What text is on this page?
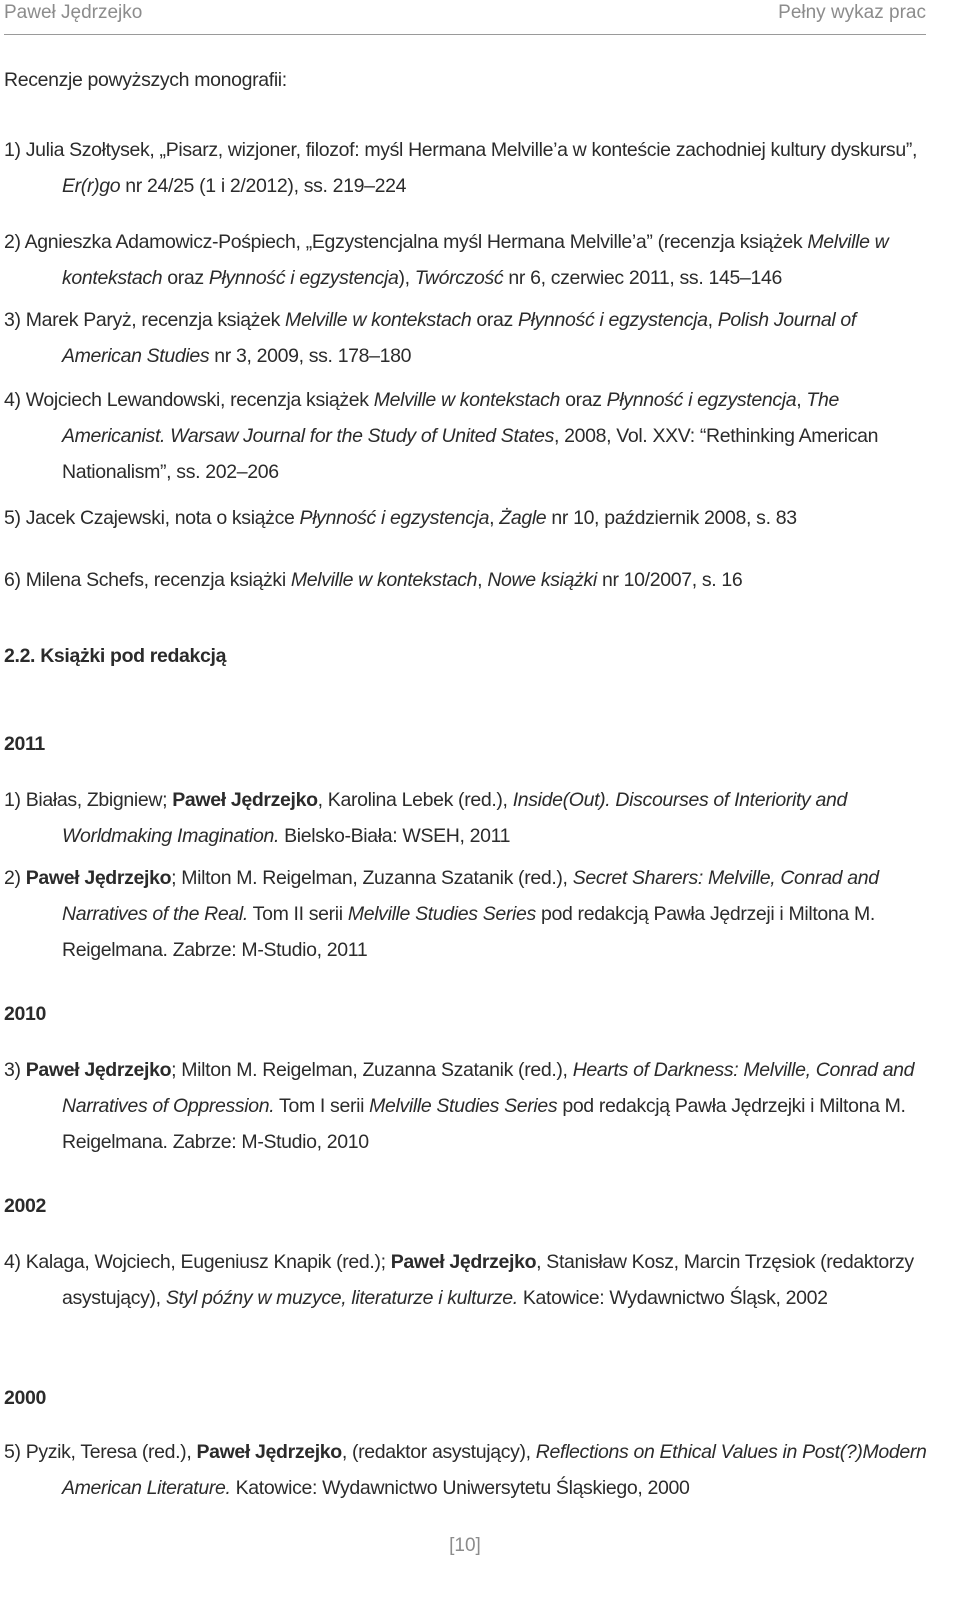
Paweł Jędrzejko	Pełny wykaz prac

Recenzje powyższych monografii:

1) Julia Szołtysek, „Pisarz, wizjoner, filozof: myśl Hermana Melville’a w konteście zachodniej kultury dyskursu”, Er(r)go nr 24/25 (1 i 2/2012), ss. 219–224

2) Agnieszka Adamowicz-Pośpiech, „Egzystencjalna myśl Hermana Melville’a” (recenzja książek Melville w kontekstach oraz Płynność i egzystencja), Twórczość nr 6, czerwiec 2011, ss. 145–146

3) Marek Paryż, recenzja książek Melville w kontekstach oraz Płynność i egzystencja, Polish Journal of American Studies nr 3, 2009, ss. 178–180

4) Wojciech Lewandowski, recenzja książek Melville w kontekstach oraz Płynność i egzystencja, The Americanist. Warsaw Journal for the Study of United States, 2008, Vol. XXV: “Rethinking American Nationalism”, ss. 202–206

5) Jacek Czajewski, nota o książce Płynność i egzystencja, Żagle nr 10, październik 2008, s. 83

6) Milena Schefs, recenzja książki Melville w kontekstach, Nowe książki nr 10/2007, s. 16

2.2. Książki pod redakcją

2011

1) Białas, Zbigniew; Paweł Jędrzejko, Karolina Lebek (red.), Inside(Out). Discourses of Interiority and Worldmaking Imagination. Bielsko-Biała: WSEH, 2011

2) Paweł Jędrzejko; Milton M. Reigelman, Zuzanna Szatanik (red.), Secret Sharers: Melville, Conrad and Narratives of the Real. Tom II serii Melville Studies Series pod redakcją Pawła Jędrzeji i Miltona M. Reigelmana. Zabrze: M-Studio, 2011

2010

3) Paweł Jędrzejko; Milton M. Reigelman, Zuzanna Szatanik (red.), Hearts of Darkness: Melville, Conrad and Narratives of Oppression. Tom I serii Melville Studies Series pod redakcją Pawła Jędrzejki i Miltona M. Reigelmana. Zabrze: M-Studio, 2010

2002

4) Kalaga, Wojciech, Eugeniusz Knapik (red.); Paweł Jędrzejko, Stanisław Kosz, Marcin Trzęsiok (redaktorzy asystujący), Styl późny w muzyce, literaturze i kulturze. Katowice: Wydawnictwo Śląsk, 2002

2000

5) Pyzik, Teresa (red.), Paweł Jędrzejko, (redaktor asystujący), Reflections on Ethical Values in Post(?)Modern American Literature. Katowice: Wydawnictwo Uniwersytetu Śląskiego, 2000

[10]
